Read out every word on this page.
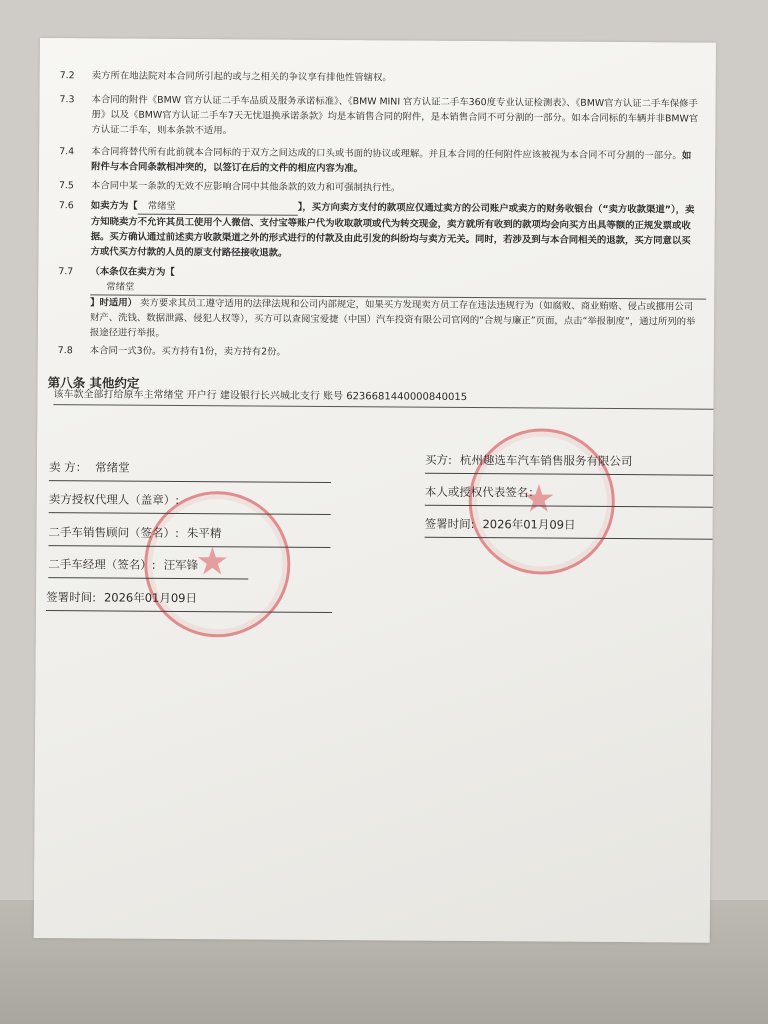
7.2	卖方所在地法院对本合同所引起的或与之相关的争议享有排他性管辖权。
7.3	本合同的附件《BMW 官方认证二手车品质及服务承诺标准》、《BMW MINI 官方认证二手车360度专业认证检测表》、《BMW官方认证二手车保修手册》以及《BMW官方认证二手车7天无忧退换承诺条款》均是本销售合同的附件，是本销售合同不可分割的一部分。如本合同标的车辆并非BMW官方认证二手车，则本条款不适用。
7.4	本合同将替代所有此前就本合同标的于双方之间达成的口头或书面的协议或理解。并且本合同的任何附件应该被视为本合同不可分割的一部分。如附件与本合同条款相冲突的，以签订在后的文件的相应内容为准。
7.5	本合同中某一条款的无效不应影响合同中其他条款的效力和可强制执行性。
7.6	如卖方为【 常绪堂	】，买方向卖方支付的款项应仅通过卖方的公司账户或卖方的财务收银台（“卖方收款渠道”），卖方知晓卖方不允许其员工使用个人微信、支付宝等账户代为收取款项或代为转交现金，卖方就所有收到的款项均会向买方出具等额的正规发票或收据。买方确认通过前述卖方收款渠道之外的形式进行的付款及由此引发的纠纷均与卖方无关。同时，若涉及到与本合同相关的退款，买方同意以买方或代买方付款的人员的原支付路径接收退款。
7.7	（本条仅在卖方为【
常绪堂
】时适用） 卖方要求其员工遵守适用的法律法规和公司内部规定，如果买方发现卖方员工存在违法违规行为（如腐败、商业贿赂、侵占或挪用公司财产、洗钱、数据泄露、侵犯人权等），买方可以查阅宝爱捷（中国）汽车投资有限公司官网的“合规与廉正”页面，点击“举报制度”，通过所列的举报途径进行举报。
7.8	本合同一式3份。买方持有1份，卖方持有2份。
第八条 其他约定
该车款全部打给原车主常绪堂 开户行 建设银行长兴城北支行 账号 6236681440000840015
★
★
卖 方： 常绪堂
卖方授权代理人（盖章）:
二手车销售顾问（签名）: 朱平精
二手车经理（签名）: 汪军锋
签署时间: 2026年01月09日
买方: 杭州趣选车汽车销售服务有限公司
本人或授权代表签名：
签署时间: 2026年01月09日
